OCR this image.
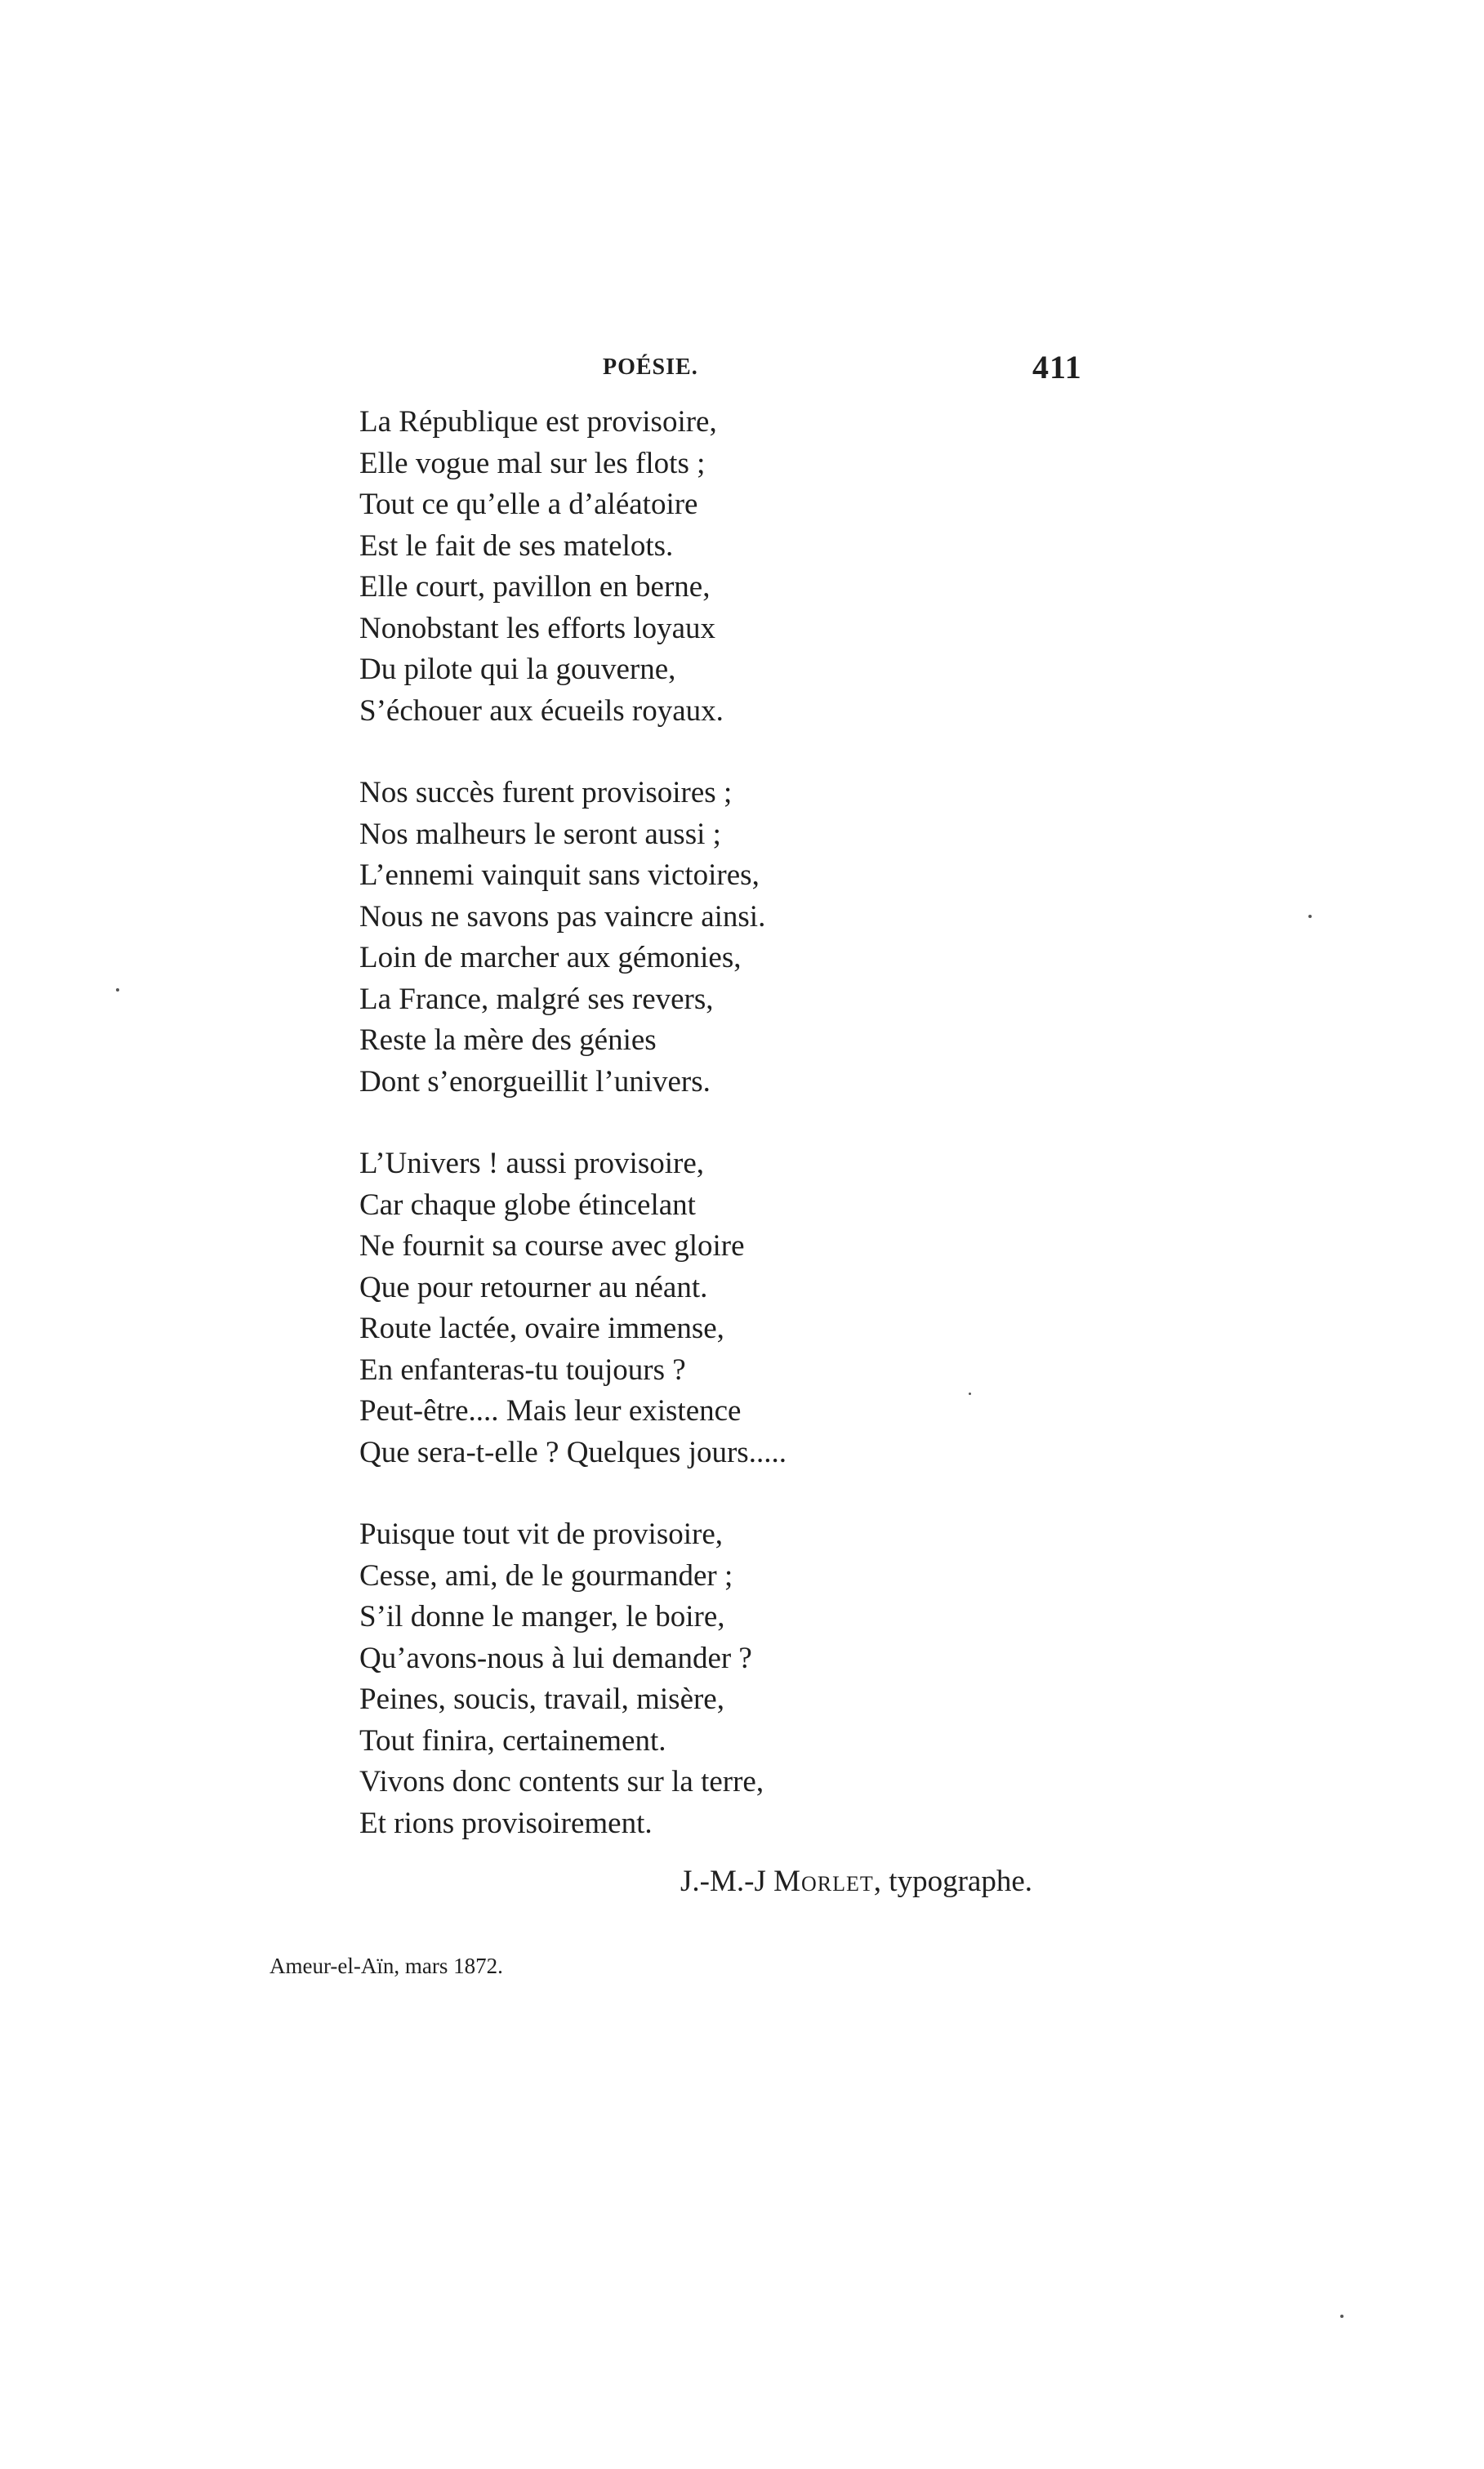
POÉSIE.	411
La République est provisoire,
Elle vogue mal sur les flots ;
Tout ce qu’elle a d’aléatoire
Est le fait de ses matelots.
Elle court, pavillon en berne,
Nonobstant les efforts loyaux
Du pilote qui la gouverne,
S’échouer aux écueils royaux.
Nos succès furent provisoires ;
Nos malheurs le seront aussi ;
L’ennemi vainquit sans victoires,
Nous ne savons pas vaincre ainsi.
Loin de marcher aux gémonies,
La France, malgré ses revers,
Reste la mère des génies
Dont s’enorgueillit l’univers.
L’Univers ! aussi provisoire,
Car chaque globe étincelant
Ne fournit sa course avec gloire
Que pour retourner au néant.
Route lactée, ovaire immense,
En enfanteras-tu toujours ?
Peut-être.... Mais leur existence
Que sera-t-elle ? Quelques jours.....
Puisque tout vit de provisoire,
Cesse, ami, de le gourmander ;
S’il donne le manger, le boire,
Qu’avons-nous à lui demander ?
Peines, soucis, travail, misère,
Tout finira, certainement.
Vivons donc contents sur la terre,
Et rions provisoirement.
J.-M.-J Morlet, typographe.
Ameur-el-Aïn, mars 1872.
